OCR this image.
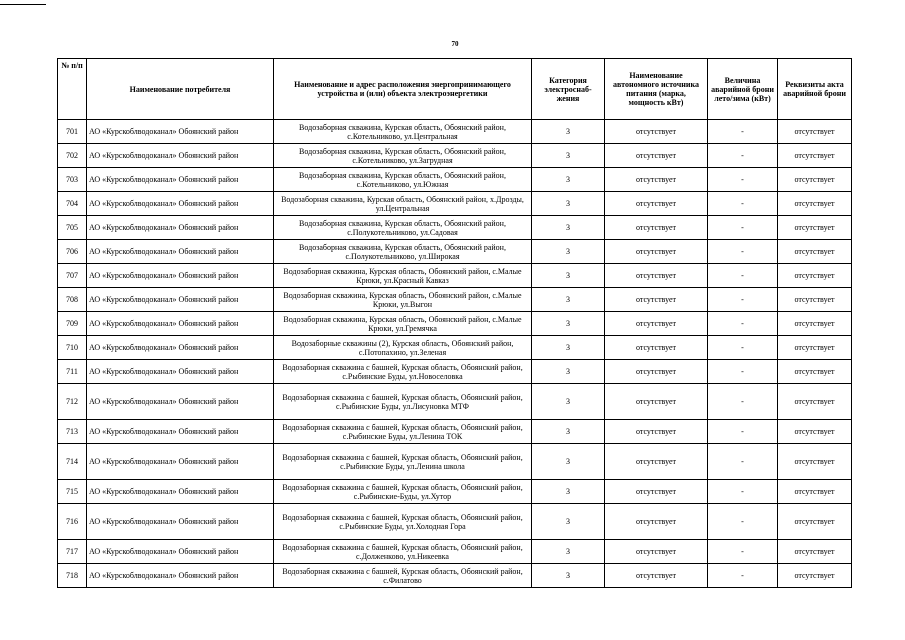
70
№ п/п	Наименование потребителя	Наименование и адрес расположения энергопринимающего устройства и (или) объекта электроэнергетики	Категория электроснаб-жения	Наименование автономного источника питания (марка, мощность кВт)	Величина аварийной брони лето/зима (кВт)	Реквизиты акта аварийной брони
701	АО «Курскоблводоканал» Обоянский район	Водозаборная скважина, Курская область, Обоянский район, с.Котельниково, ул.Центральная	3	отсутствует	-	отсутствует
702	АО «Курскоблводоканал» Обоянский район	Водозаборная скважина, Курская область, Обоянский район, с.Котельниково, ул.Загрудная	3	отсутствует	-	отсутствует
703	АО «Курскоблводоканал» Обоянский район	Водозаборная скважина, Курская область, Обоянский район, с.Котельниково, ул.Южная	3	отсутствует	-	отсутствует
704	АО «Курскоблводоканал» Обоянский район	Водозаборная скважина, Курская область, Обоянский район, х.Дрозды, ул.Центральная	3	отсутствует	-	отсутствует
705	АО «Курскоблводоканал» Обоянский район	Водозаборная скважина, Курская область, Обоянский район, с.Полукотельниково, ул.Садовая	3	отсутствует	-	отсутствует
706	АО «Курскоблводоканал» Обоянский район	Водозаборная скважина, Курская область, Обоянский район, с.Полукотельниково, ул.Широкая	3	отсутствует	-	отсутствует
707	АО «Курскоблводоканал» Обоянский район	Водозаборная скважина, Курская область, Обоянский район, с.Малые Крюки, ул.Красный Кавказ	3	отсутствует	-	отсутствует
708	АО «Курскоблводоканал» Обоянский район	Водозаборная скважина, Курская область, Обоянский район, с.Малые Крюки, ул.Выгон	3	отсутствует	-	отсутствует
709	АО «Курскоблводоканал» Обоянский район	Водозаборная скважина, Курская область, Обоянский район, с.Малые Крюки, ул.Гремячка	3	отсутствует	-	отсутствует
710	АО «Курскоблводоканал» Обоянский район	Водозаборные скважины (2), Курская область, Обоянский район, с.Потопахино, ул.Зеленая	3	отсутствует	-	отсутствует
711	АО «Курскоблводоканал» Обоянский район	Водозаборная скважина с башней, Курская область, Обоянский район, с.Рыбинские Буды, ул.Новоселовка	3	отсутствует	-	отсутствует
712	АО «Курскоблводоканал» Обоянский район	Водозаборная скважина с башней, Курская область, Обоянский район, с.Рыбинские Буды, ул.Лисуновка МТФ	3	отсутствует	-	отсутствует
713	АО «Курскоблводоканал» Обоянский район	Водозаборная скважина с башней, Курская область, Обоянский район, с.Рыбинские Буды, ул.Ленина ТОК	3	отсутствует	-	отсутствует
714	АО «Курскоблводоканал» Обоянский район	Водозаборная скважина с башней, Курская область, Обоянский район, с.Рыбинские Буды, ул.Ленина школа	3	отсутствует	-	отсутствует
715	АО «Курскоблводоканал» Обоянский район	Водозаборная скважина с башней, Курская область, Обоянский район, с.Рыбинские-Буды, ул.Хутор	3	отсутствует	-	отсутствует
716	АО «Курскоблводоканал» Обоянский район	Водозаборная скважина с башней, Курская область, Обоянский район, с.Рыбинские Буды, ул.Холодная Гора	3	отсутствует	-	отсутствует
717	АО «Курскоблводоканал» Обоянский район	Водозаборная скважина с башней, Курская область, Обоянский район, с.Долженково, ул.Никеевка	3	отсутствует	-	отсутствует
718	АО «Курскоблводоканал» Обоянский район	Водозаборная скважина с башней, Курская область, Обоянский район, с.Филатово	3	отсутствует	-	отсутствует
